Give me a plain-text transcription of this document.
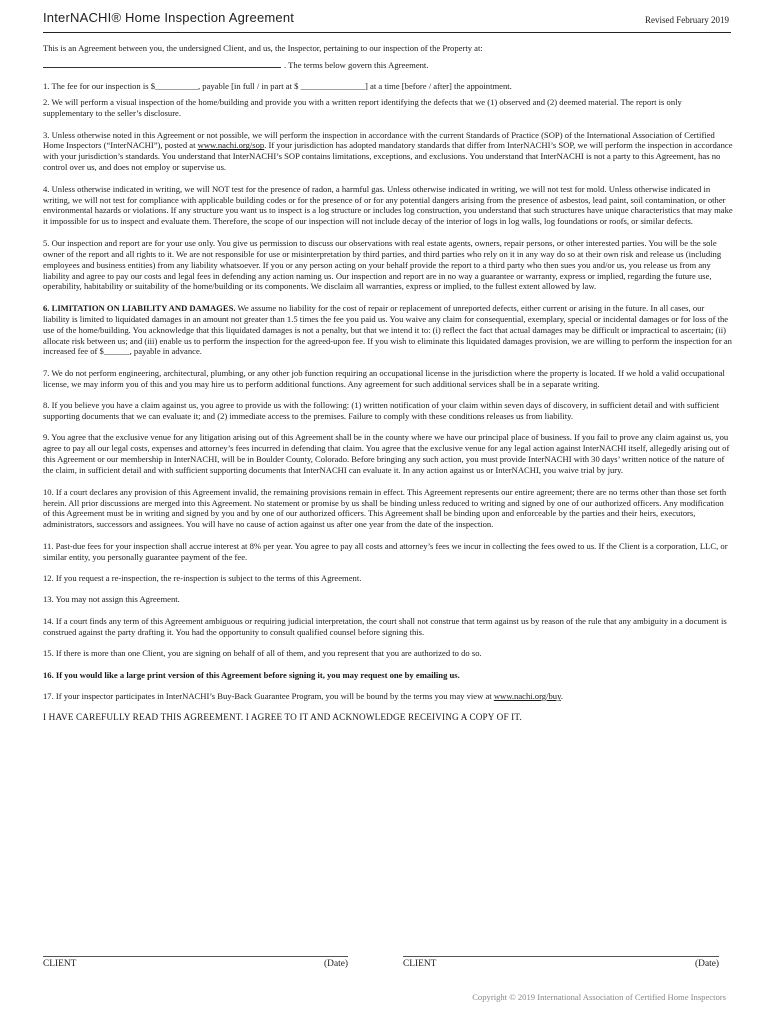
InterNACHI® Home Inspection Agreement	Revised February 2019

This is an Agreement between you, the undersigned Client, and us, the Inspector, pertaining to our inspection of the Property at:

. The terms below govern this Agreement.

1. The fee for our inspection is $__________, payable [in full / in part at $ _______________] at a time [before / after] the appointment.

2. We will perform a visual inspection of the home/building and provide you with a written report identifying the defects that we (1) observed and (2) deemed material. The report is only supplementary to the seller’s disclosure.

3. Unless otherwise noted in this Agreement or not possible, we will perform the inspection in accordance with the current Standards of Practice (SOP) of the International Association of Certified Home Inspectors (“InterNACHI”), posted at www.nachi.org/sop. If your jurisdiction has adopted mandatory standards that differ from InterNACHI’s SOP, we will perform the inspection in accordance with your jurisdiction’s standards. You understand that InterNACHI’s SOP contains limitations, exceptions, and exclusions. You understand that InterNACHI is not a party to this Agreement, has no control over us, and does not employ or supervise us.

4. Unless otherwise indicated in writing, we will NOT test for the presence of radon, a harmful gas. Unless otherwise indicated in writing, we will not test for mold. Unless otherwise indicated in writing, we will not test for compliance with applicable building codes or for the presence of or for any potential dangers arising from the presence of asbestos, lead paint, soil contamination, or other environmental hazards or violations. If any structure you want us to inspect is a log structure or includes log construction, you understand that such structures have unique characteristics that may make it impossible for us to inspect and evaluate them. Therefore, the scope of our inspection will not include decay of the interior of logs in log walls, log foundations or roofs, or similar defects.

5. Our inspection and report are for your use only. You give us permission to discuss our observations with real estate agents, owners, repair persons, or other interested parties. You will be the sole owner of the report and all rights to it. We are not responsible for use or misinterpretation by third parties, and third parties who rely on it in any way do so at their own risk and release us (including employees and business entities) from any liability whatsoever. If you or any person acting on your behalf provide the report to a third party who then sues you and/or us, you release us from any liability and agree to pay our costs and legal fees in defending any action naming us. Our inspection and report are in no way a guarantee or warranty, express or implied, regarding the future use, operability, habitability or suitability of the home/building or its components. We disclaim all warranties, express or implied, to the fullest extent allowed by law.

6. LIMITATION ON LIABILITY AND DAMAGES. We assume no liability for the cost of repair or replacement of unreported defects, either current or arising in the future. In all cases, our liability is limited to liquidated damages in an amount not greater than 1.5 times the fee you paid us. You waive any claim for consequential, exemplary, special or incidental damages or for loss of the use of the home/building. You acknowledge that this liquidated damages is not a penalty, but that we intend it to: (i) reflect the fact that actual damages may be difficult or impractical to ascertain; (ii) allocate risk between us; and (iii) enable us to perform the inspection for the agreed-upon fee. If you wish to eliminate this liquidated damages provision, we are willing to perform the inspection for an increased fee of $______, payable in advance.

7. We do not perform engineering, architectural, plumbing, or any other job function requiring an occupational license in the jurisdiction where the property is located. If we hold a valid occupational license, we may inform you of this and you may hire us to perform additional functions. Any agreement for such additional services shall be in a separate writing.

8. If you believe you have a claim against us, you agree to provide us with the following: (1) written notification of your claim within seven days of discovery, in sufficient detail and with sufficient supporting documents that we can evaluate it; and (2) immediate access to the premises. Failure to comply with these conditions releases us from liability.

9. You agree that the exclusive venue for any litigation arising out of this Agreement shall be in the county where we have our principal place of business. If you fail to prove any claim against us, you agree to pay all our legal costs, expenses and attorney’s fees incurred in defending that claim. You agree that the exclusive venue for any legal action against InterNACHI itself, allegedly arising out of this Agreement or our membership in InterNACHI, will be in Boulder County, Colorado. Before bringing any such action, you must provide InterNACHI with 30 days’ written notice of the nature of the claim, in sufficient detail and with sufficient supporting documents that InterNACHI can evaluate it. In any action against us or InterNACHI, you waive trial by jury.

10. If a court declares any provision of this Agreement invalid, the remaining provisions remain in effect. This Agreement represents our entire agreement; there are no terms other than those set forth herein. All prior discussions are merged into this Agreement. No statement or promise by us shall be binding unless reduced to writing and signed by one of our authorized officers. Any modification of this Agreement must be in writing and signed by you and by one of our authorized officers. This Agreement shall be binding upon and enforceable by the parties and their heirs, executors, administrators, successors and assignees. You will have no cause of action against us after one year from the date of the inspection.

11. Past-due fees for your inspection shall accrue interest at 8% per year. You agree to pay all costs and attorney’s fees we incur in collecting the fees owed to us. If the Client is a corporation, LLC, or similar entity, you personally guarantee payment of the fee.

12. If you request a re-inspection, the re-inspection is subject to the terms of this Agreement.

13. You may not assign this Agreement.

14. If a court finds any term of this Agreement ambiguous or requiring judicial interpretation, the court shall not construe that term against us by reason of the rule that any ambiguity in a document is construed against the party drafting it. You had the opportunity to consult qualified counsel before signing this.

15. If there is more than one Client, you are signing on behalf of all of them, and you represent that you are authorized to do so.

16. If you would like a large print version of this Agreement before signing it, you may request one by emailing us.

17. If your inspector participates in InterNACHI’s Buy-Back Guarantee Program, you will be bound by the terms you may view at www.nachi.org/buy.

I HAVE CAREFULLY READ THIS AGREEMENT. I AGREE TO IT AND ACKNOWLEDGE RECEIVING A COPY OF IT.

CLIENT	(Date)	CLIENT	(Date)
Copyright © 2019 International Association of Certified Home Inspectors
